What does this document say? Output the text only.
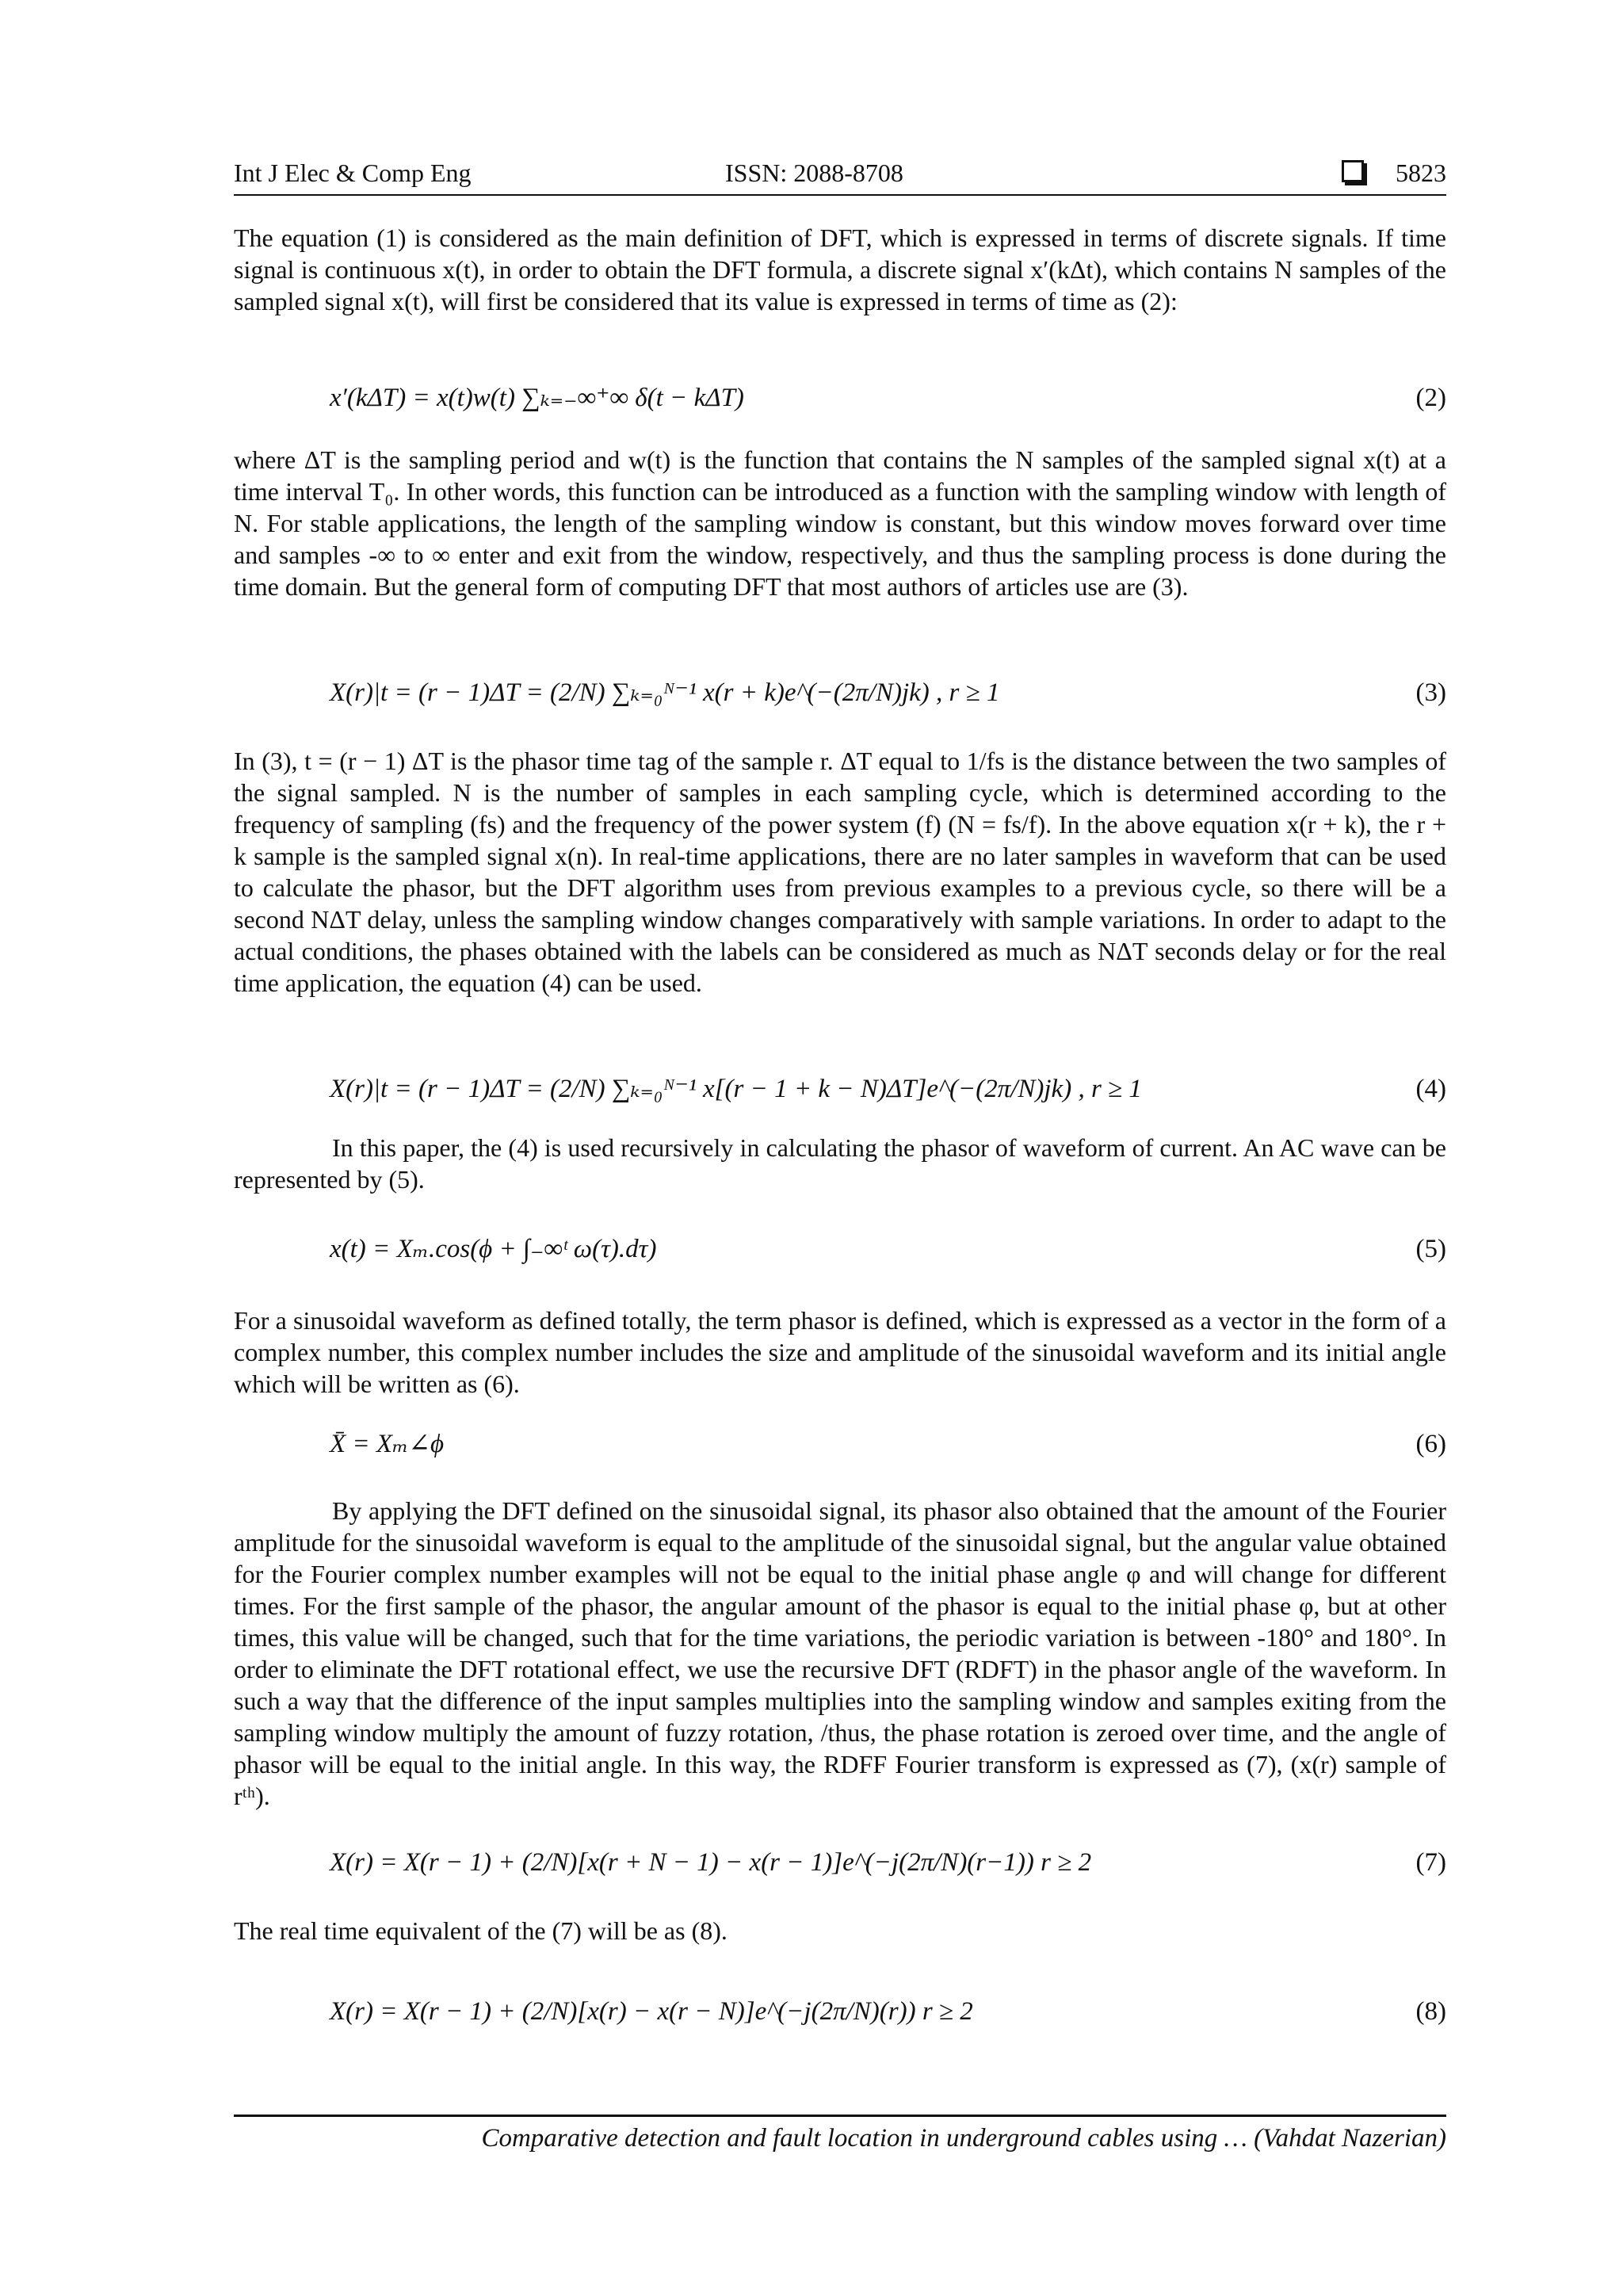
Int J Elec & Comp Eng	ISSN: 2088-8708	5823

The equation (1) is considered as the main definition of DFT, which is expressed in terms of discrete signals. If time signal is continuous x(t), in order to obtain the DFT formula, a discrete signal x′(kΔt), which contains N samples of the sampled signal x(t), will first be considered that its value is expressed in terms of time as (2):

x′(kΔT) = x(t)w(t) ∑ₖ₌₋∞⁺∞ δ(t − kΔT)	(2)

where ΔT is the sampling period and w(t) is the function that contains the N samples of the sampled signal x(t) at a time interval T₀. In other words, this function can be introduced as a function with the sampling window with length of N. For stable applications, the length of the sampling window is constant, but this window moves forward over time and samples -∞ to ∞ enter and exit from the window, respectively, and thus the sampling process is done during the time domain. But the general form of computing DFT that most authors of articles use are (3).

X(r)|t = (r − 1)ΔT = (2/N) ∑ₖ₌₀ᴺ⁻¹ x(r + k)e^(−(2π/N)jk) , r ≥ 1	(3)

In (3), t = (r − 1) ΔT is the phasor time tag of the sample r. ΔT equal to 1/fs is the distance between the two samples of the signal sampled. N is the number of samples in each sampling cycle, which is determined according to the frequency of sampling (fs) and the frequency of the power system (f) (N = fs/f). In the above equation x(r + k), the r + k sample is the sampled signal x(n). In real-time applications, there are no later samples in waveform that can be used to calculate the phasor, but the DFT algorithm uses from previous examples to a previous cycle, so there will be a second NΔT delay, unless the sampling window changes comparatively with sample variations. In order to adapt to the actual conditions, the phases obtained with the labels can be considered as much as NΔT seconds delay or for the real time application, the equation (4) can be used.

X(r)|t = (r − 1)ΔT = (2/N) ∑ₖ₌₀ᴺ⁻¹ x[(r − 1 + k − N)ΔT]e^(−(2π/N)jk) , r ≥ 1	(4)

In this paper, the (4) is used recursively in calculating the phasor of waveform of current. An AC wave can be represented by (5).

x(t) = Xₘ.cos(ϕ + ∫₋∞ᵗ ω(τ).dτ)	(5)

For a sinusoidal waveform as defined totally, the term phasor is defined, which is expressed as a vector in the form of a complex number, this complex number includes the size and amplitude of the sinusoidal waveform and its initial angle which will be written as (6).

X̄ = Xₘ∠ϕ	(6)

By applying the DFT defined on the sinusoidal signal, its phasor also obtained that the amount of the Fourier amplitude for the sinusoidal waveform is equal to the amplitude of the sinusoidal signal, but the angular value obtained for the Fourier complex number examples will not be equal to the initial phase angle φ and will change for different times. For the first sample of the phasor, the angular amount of the phasor is equal to the initial phase φ, but at other times, this value will be changed, such that for the time variations, the periodic variation is between -180° and 180°. In order to eliminate the DFT rotational effect, we use the recursive DFT (RDFT) in the phasor angle of the waveform. In such a way that the difference of the input samples multiplies into the sampling window and samples exiting from the sampling window multiply the amount of fuzzy rotation, /thus, the phase rotation is zeroed over time, and the angle of phasor will be equal to the initial angle. In this way, the RDFF Fourier transform is expressed as (7), (x(r) sample of rᵗʰ).

X(r) = X(r − 1) + (2/N)[x(r + N − 1) − x(r − 1)]e^(−j(2π/N)(r−1)) r ≥ 2	(7)

The real time equivalent of the (7) will be as (8).

X(r) = X(r − 1) + (2/N)[x(r) − x(r − N)]e^(−j(2π/N)(r)) r ≥ 2	(8)
Comparative detection and fault location in underground cables using … (Vahdat Nazerian)
